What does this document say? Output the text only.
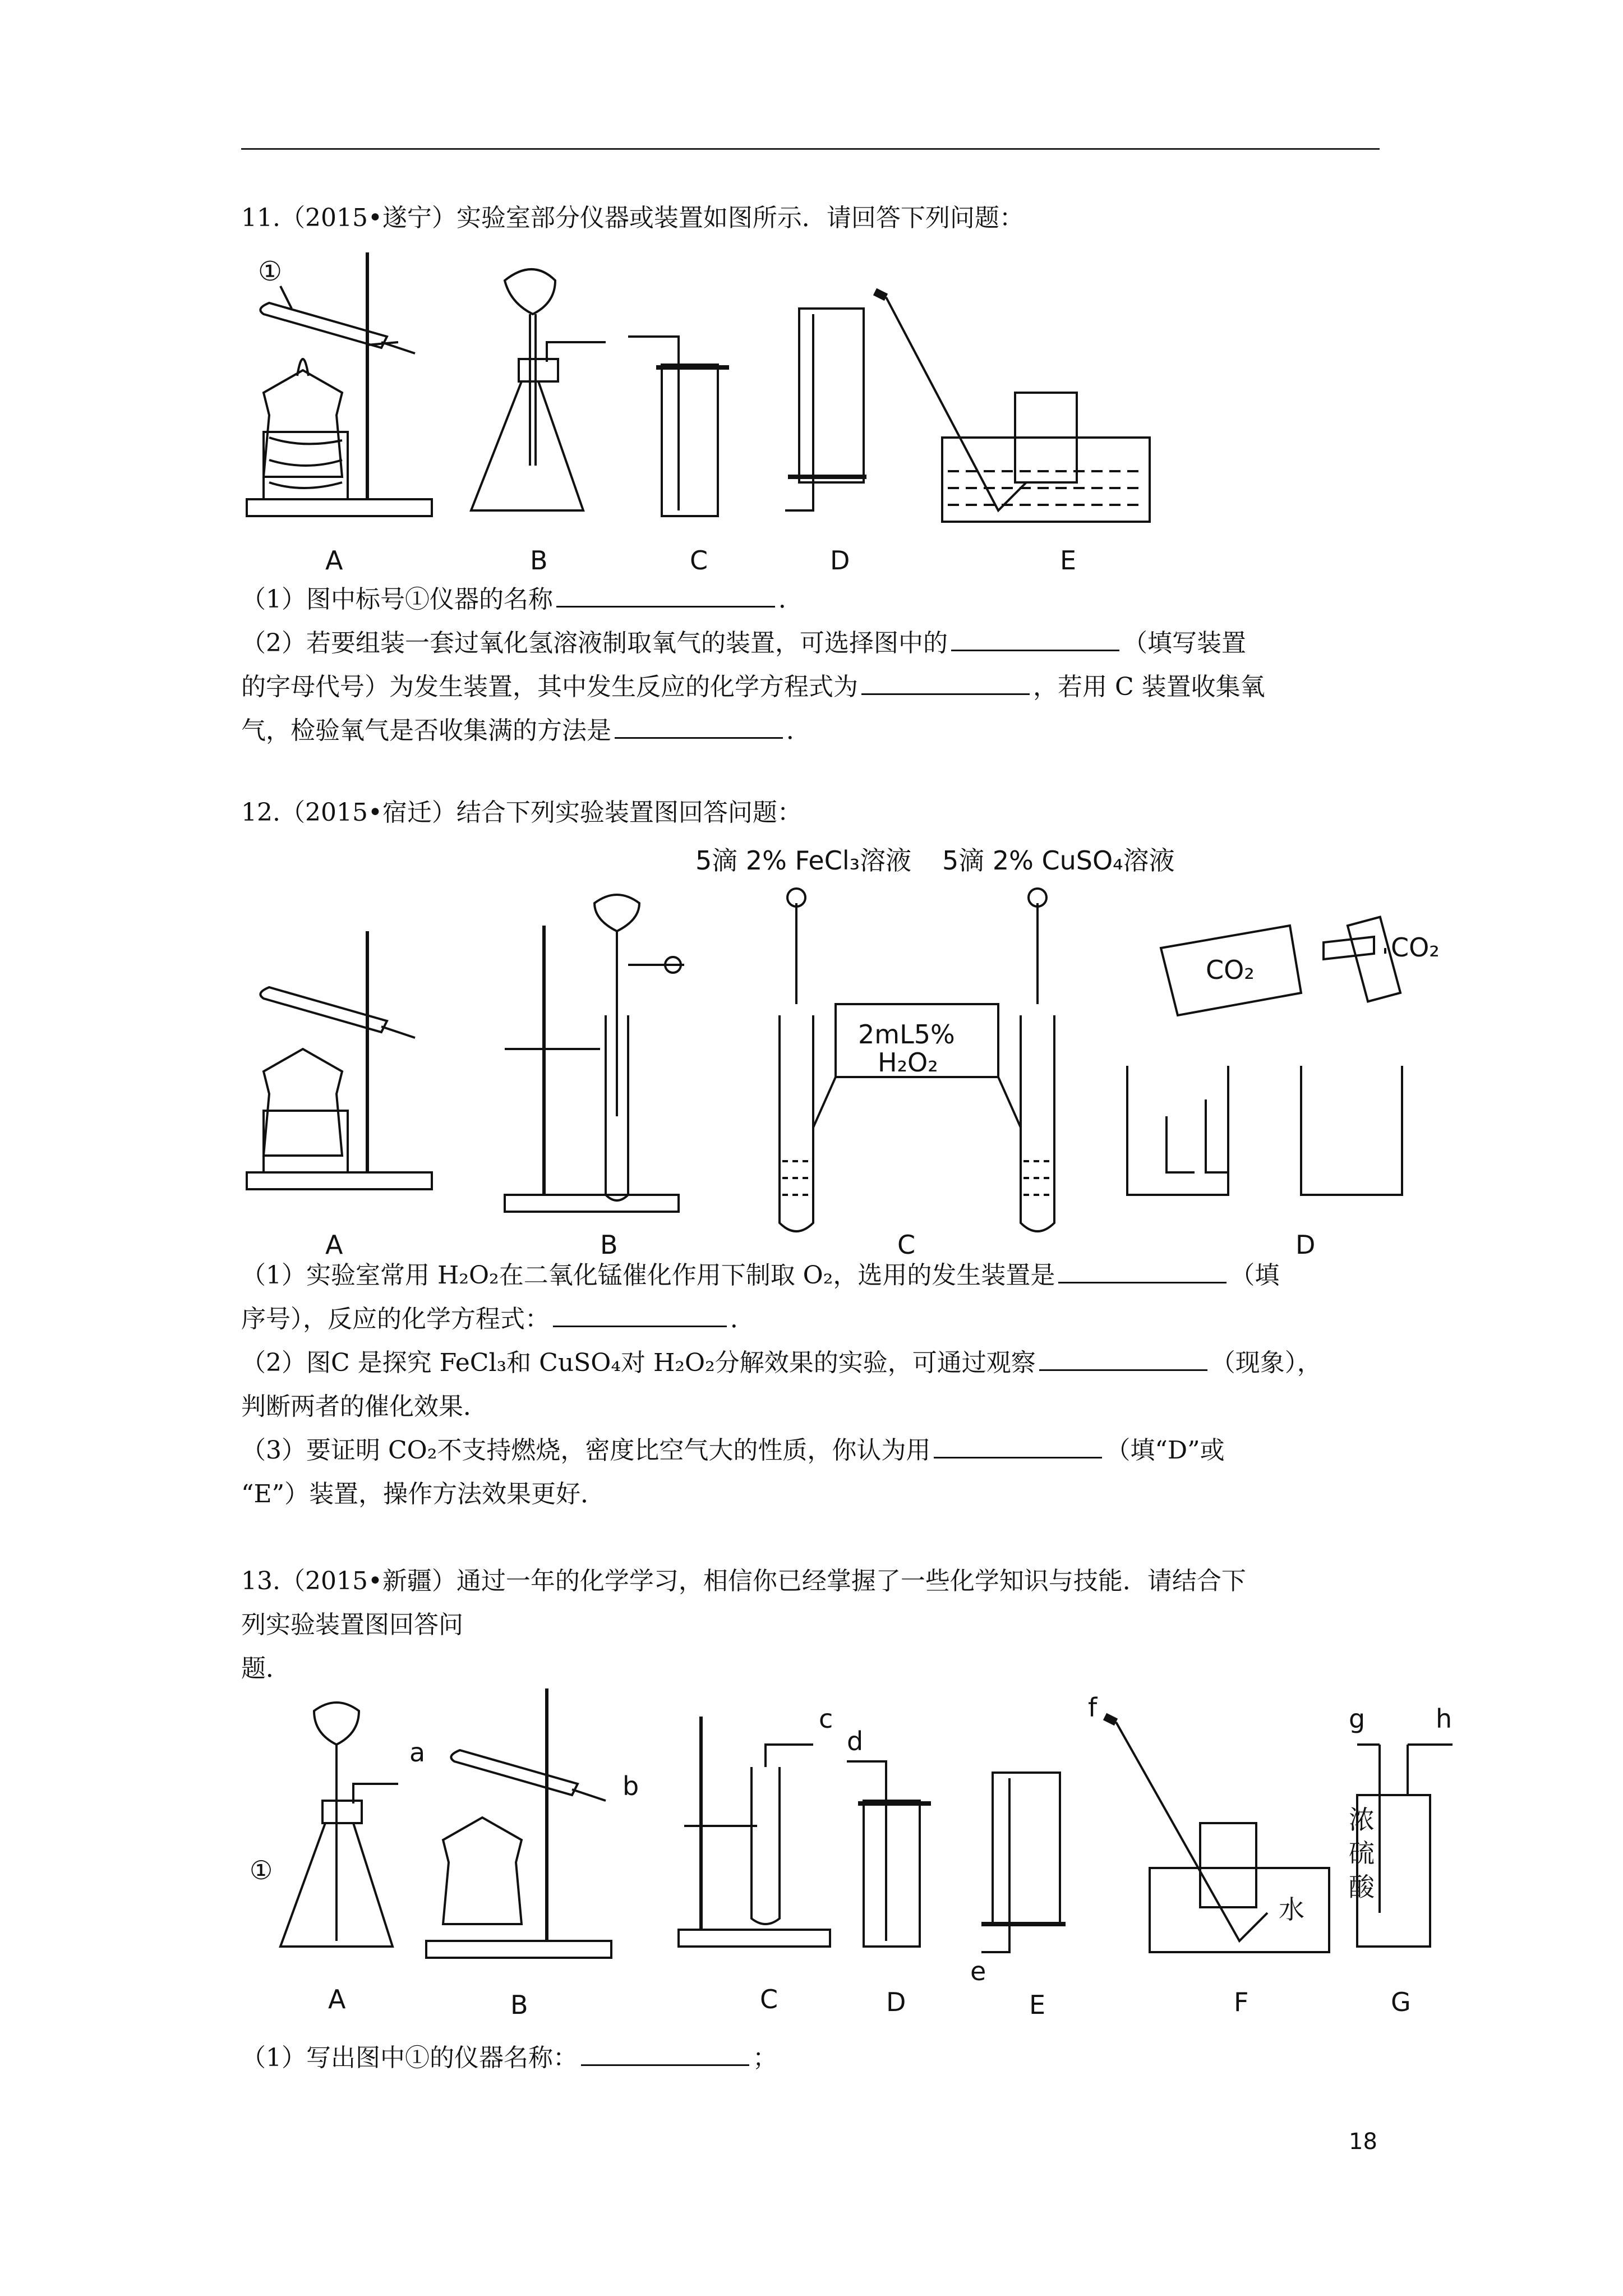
11.（2015•遂宁）实验室部分仪器或装置如图所示．请回答下列问题：

①
A	B	C	D	E

（1）图中标号①仪器的名称	．

（2）若要组装一套过氧化氢溶液制取氧气的装置，可选择图中的	（填写装置

的字母代号）为发生装置，其中发生反应的化学方程式为	，若用 C 装置收集氧

气，检验氧气是否收集满的方法是	．

12.（2015•宿迁）结合下列实验装置图回答问题：

5滴 2% FeCl₃溶液 5滴 2% CuSO₄溶液
2mL5%
H₂O₂
CO₂
CO₂
A	B	C	D

（1）实验室常用 H₂O₂在二氧化锰催化作用下制取 O₂，选用的发生装置是	（填

序号），反应的化学方程式：	．

（2）图C 是探究 FeCl₃和 CuSO₄对 H₂O₂分解效果的实验，可通过观察	（现象），

判断两者的催化效果．

（3）要证明 CO₂不支持燃烧，密度比空气大的性质，你认为用	（填“D”或

“E”）装置，操作方法效果更好．

13.（2015•新疆）通过一年的化学学习，相信你已经掌握了一些化学知识与技能．请结合下

列实验装置图回答问

题．

a
b
c
d
e
f	g	h
①
水
浓
硫
酸
A	B	C	D	E	F	G

（1）写出图中①的仪器名称：	；

18
